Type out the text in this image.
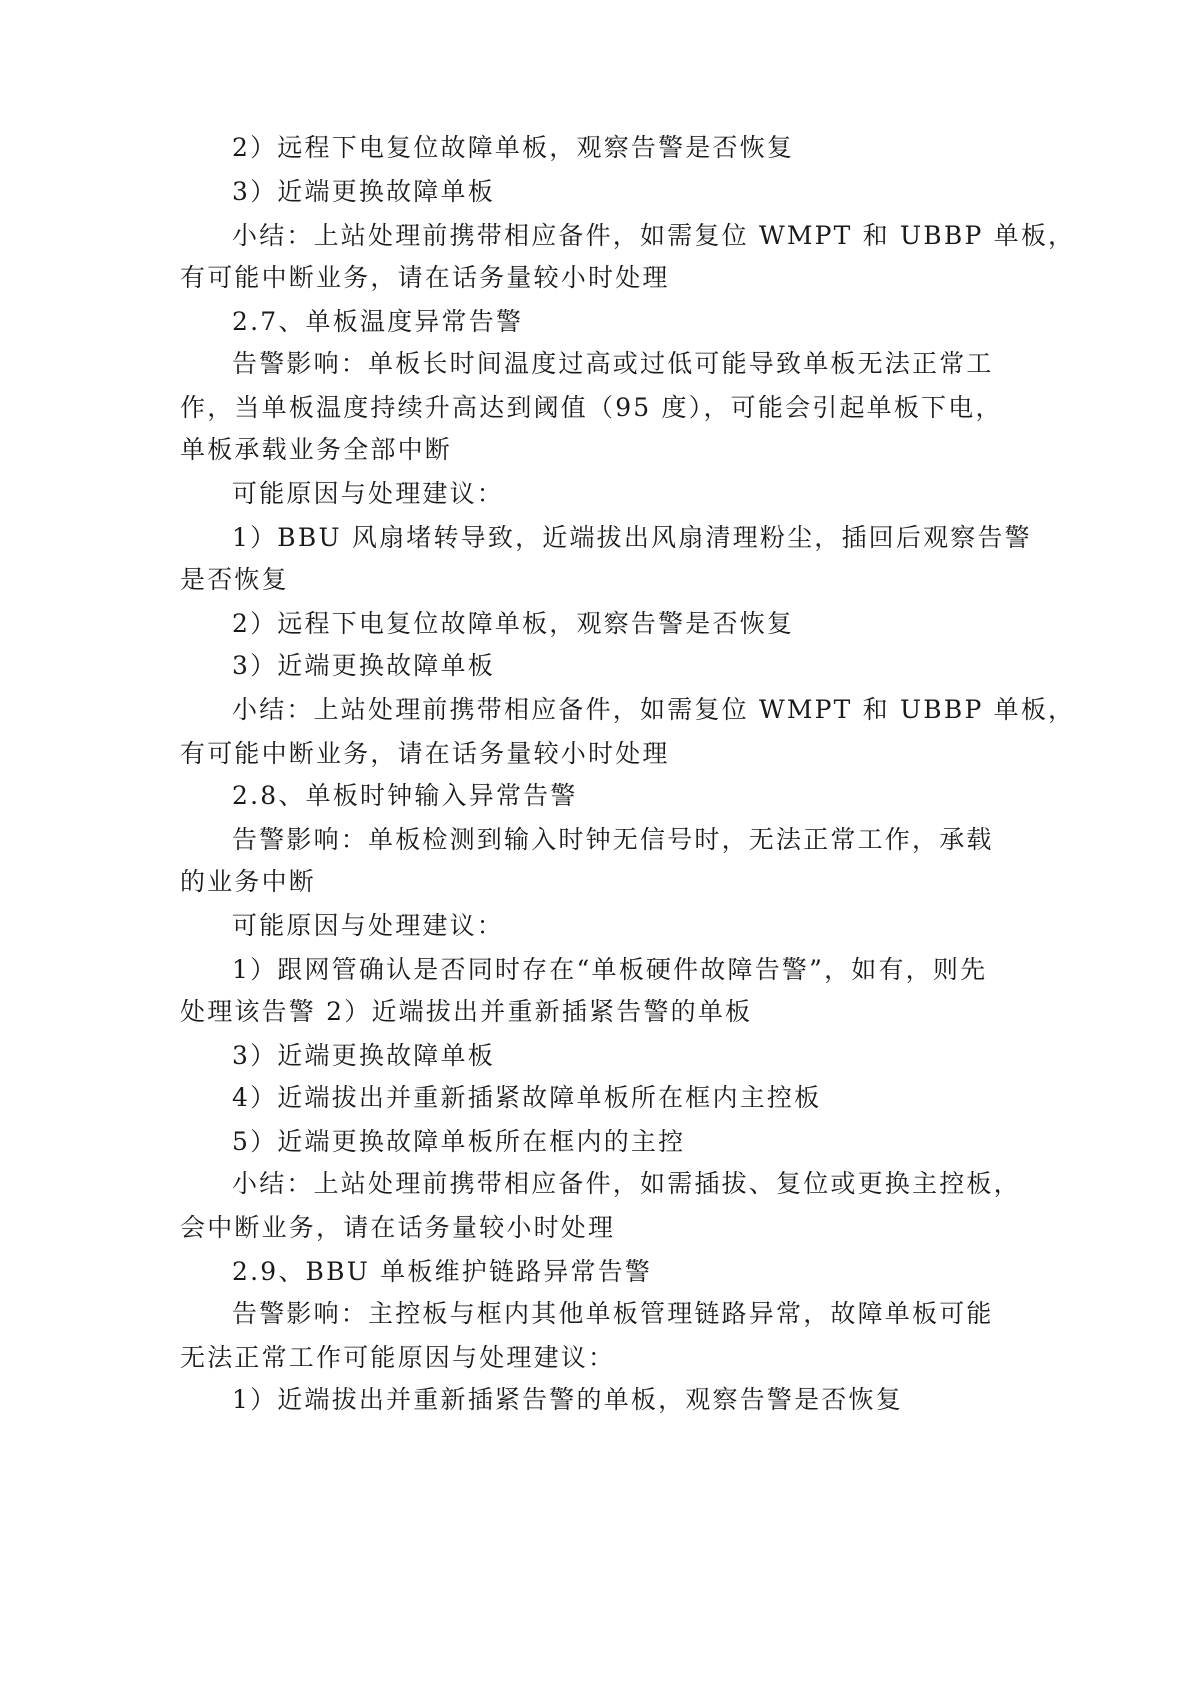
2）远程下电复位故障单板，观察告警是否恢复
3）近端更换故障单板
小结：上站处理前携带相应备件，如需复位 WMPT 和 UBBP 单板，
有可能中断业务，请在话务量较小时处理
2.7、单板温度异常告警
告警影响：单板长时间温度过高或过低可能导致单板无法正常工
作，当单板温度持续升高达到阈值（95 度），可能会引起单板下电，
单板承载业务全部中断
可能原因与处理建议：
1）BBU 风扇堵转导致，近端拔出风扇清理粉尘，插回后观察告警
是否恢复
2）远程下电复位故障单板，观察告警是否恢复
3）近端更换故障单板
小结：上站处理前携带相应备件，如需复位 WMPT 和 UBBP 单板，
有可能中断业务，请在话务量较小时处理
2.8、单板时钟输入异常告警
告警影响：单板检测到输入时钟无信号时，无法正常工作，承载
的业务中断
可能原因与处理建议：
1）跟网管确认是否同时存在“单板硬件故障告警”，如有，则先
处理该告警 2）近端拔出并重新插紧告警的单板
3）近端更换故障单板
4）近端拔出并重新插紧故障单板所在框内主控板
5）近端更换故障单板所在框内的主控
小结：上站处理前携带相应备件，如需插拔、复位或更换主控板，
会中断业务，请在话务量较小时处理
2.9、BBU 单板维护链路异常告警
告警影响：主控板与框内其他单板管理链路异常，故障单板可能
无法正常工作可能原因与处理建议：
1）近端拔出并重新插紧告警的单板，观察告警是否恢复
